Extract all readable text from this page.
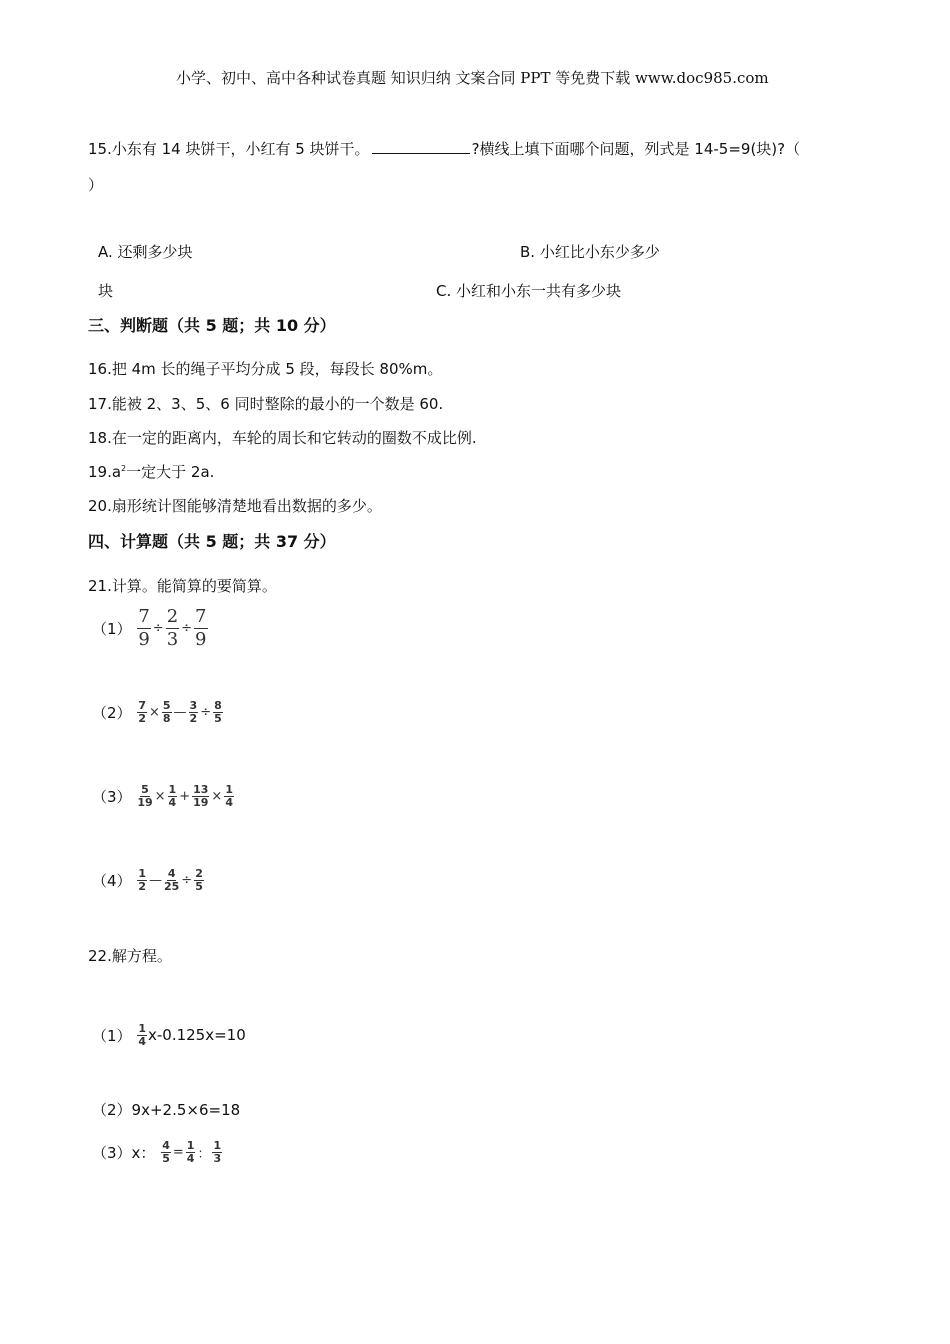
小学、初中、高中各种试卷真题 知识归纳 文案合同 PPT 等免费下载 www.doc985.com
15.小东有 14 块饼干，小红有 5 块饼干。	?横线上填下面哪个问题，列式是 14-5=9(块)?（
）
A. 还剩多少块	B. 小红比小东少多少
块	C. 小红和小东一共有多少块
三、判断题（共 5 题；共 10 分）
16.把 4m 长的绳子平均分成 5 段，每段长 80%m。
17.能被 2、3、5、6 同时整除的最小的一个数是 60.
18.在一定的距离内，车轮的周长和它转动的圈数不成比例.
$19.a^2$一定大于 2a.
20.扇形统计图能够清楚地看出数据的多少。
四、计算题（共 5 题；共 37 分）
21.计算。能简算的要简算。
$(1) \frac{7}{9} \div \frac{2}{3} \div \frac{7}{9}$
$(2) \frac{7}{2} \times \frac{5}{8}$ — $\frac{3}{2} \div \frac{8}{5}$
$(3) \frac{5}{19} \times \frac{1}{4} + \frac{13}{19} \times \frac{1}{4}$
$(4) \frac{1}{2}$ — $\frac{4}{25} \div \frac{2}{5}$
22.解方程。
$(1) \frac{1}{4} x-0.125x=10$
（2）9x+2.5×6=18
（3）x： $\frac{4}{5} = \frac{1}{4}$ ： $\frac{1}{3}$
